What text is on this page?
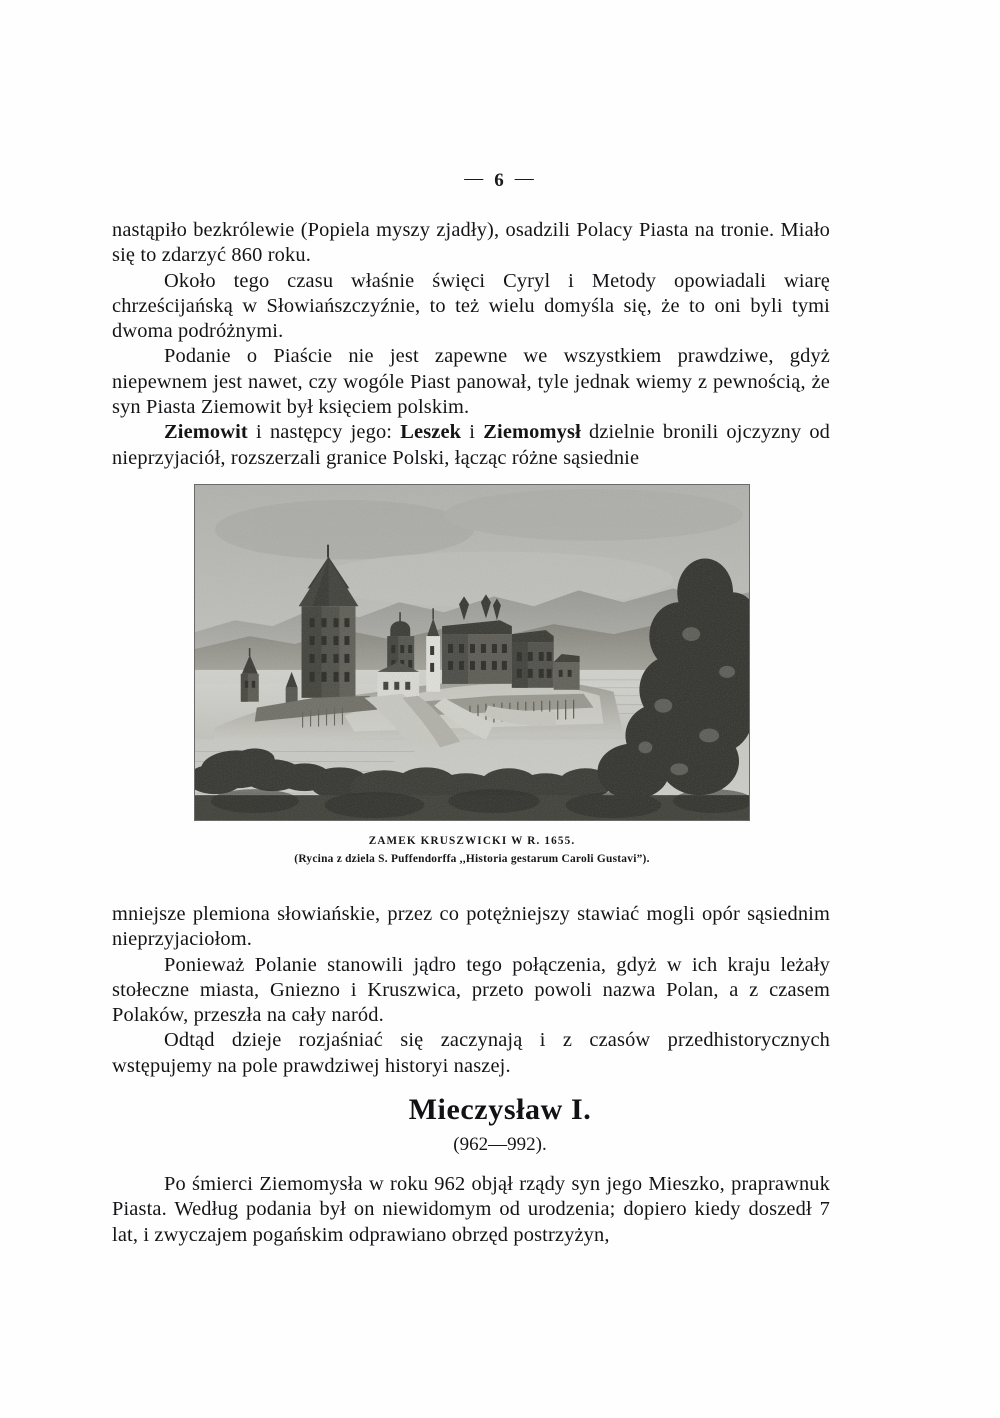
— 6 —

nastąpiło bezkrólewie (Popiela myszy zjadły), osadzili Polacy Piasta na tronie. Miało się to zdarzyć 860 roku.

Około tego czasu właśnie święci Cyryl i Metody opowiadali wiarę chrześcijańską w Słowiańszczyźnie, to też wielu domyśla się, że to oni byli tymi dwoma podróżnymi.

Podanie o Piaście nie jest zapewne we wszystkiem prawdziwe, gdyż niepewnem jest nawet, czy wogóle Piast panował, tyle jednak wiemy z pewnością, że syn Piasta Ziemowit był księciem polskim.

Ziemowit i następcy jego: Leszek i Ziemomysł dzielnie bronili ojczyzny od nieprzyjaciół, rozszerzali granice Polski, łącząc różne sąsiednie

ZAMEK KRUSZWICKI W R. 1655.
(Rycina z dziela S. Puffendorffa ,,Historia gestarum Caroli Gustavi”).

mniejsze plemiona słowiańskie, przez co potężniejszy stawiać mogli opór sąsiednim nieprzyjaciołom.

Ponieważ Polanie stanowili jądro tego połączenia, gdyż w ich kraju leżały stołeczne miasta, Gniezno i Kruszwica, przeto powoli nazwa Polan, a z czasem Polaków, przeszła na cały naród.

Odtąd dzieje rozjaśniać się zaczynają i z czasów przedhistorycznych wstępujemy na pole prawdziwej historyi naszej.

Mieczysław I.
(962—992).

Po śmierci Ziemomysła w roku 962 objął rządy syn jego Mieszko, praprawnuk Piasta. Według podania był on niewidomym od urodzenia; dopiero kiedy doszedł 7 lat, i zwyczajem pogańskim odprawiano obrzęd postrzyżyn,
